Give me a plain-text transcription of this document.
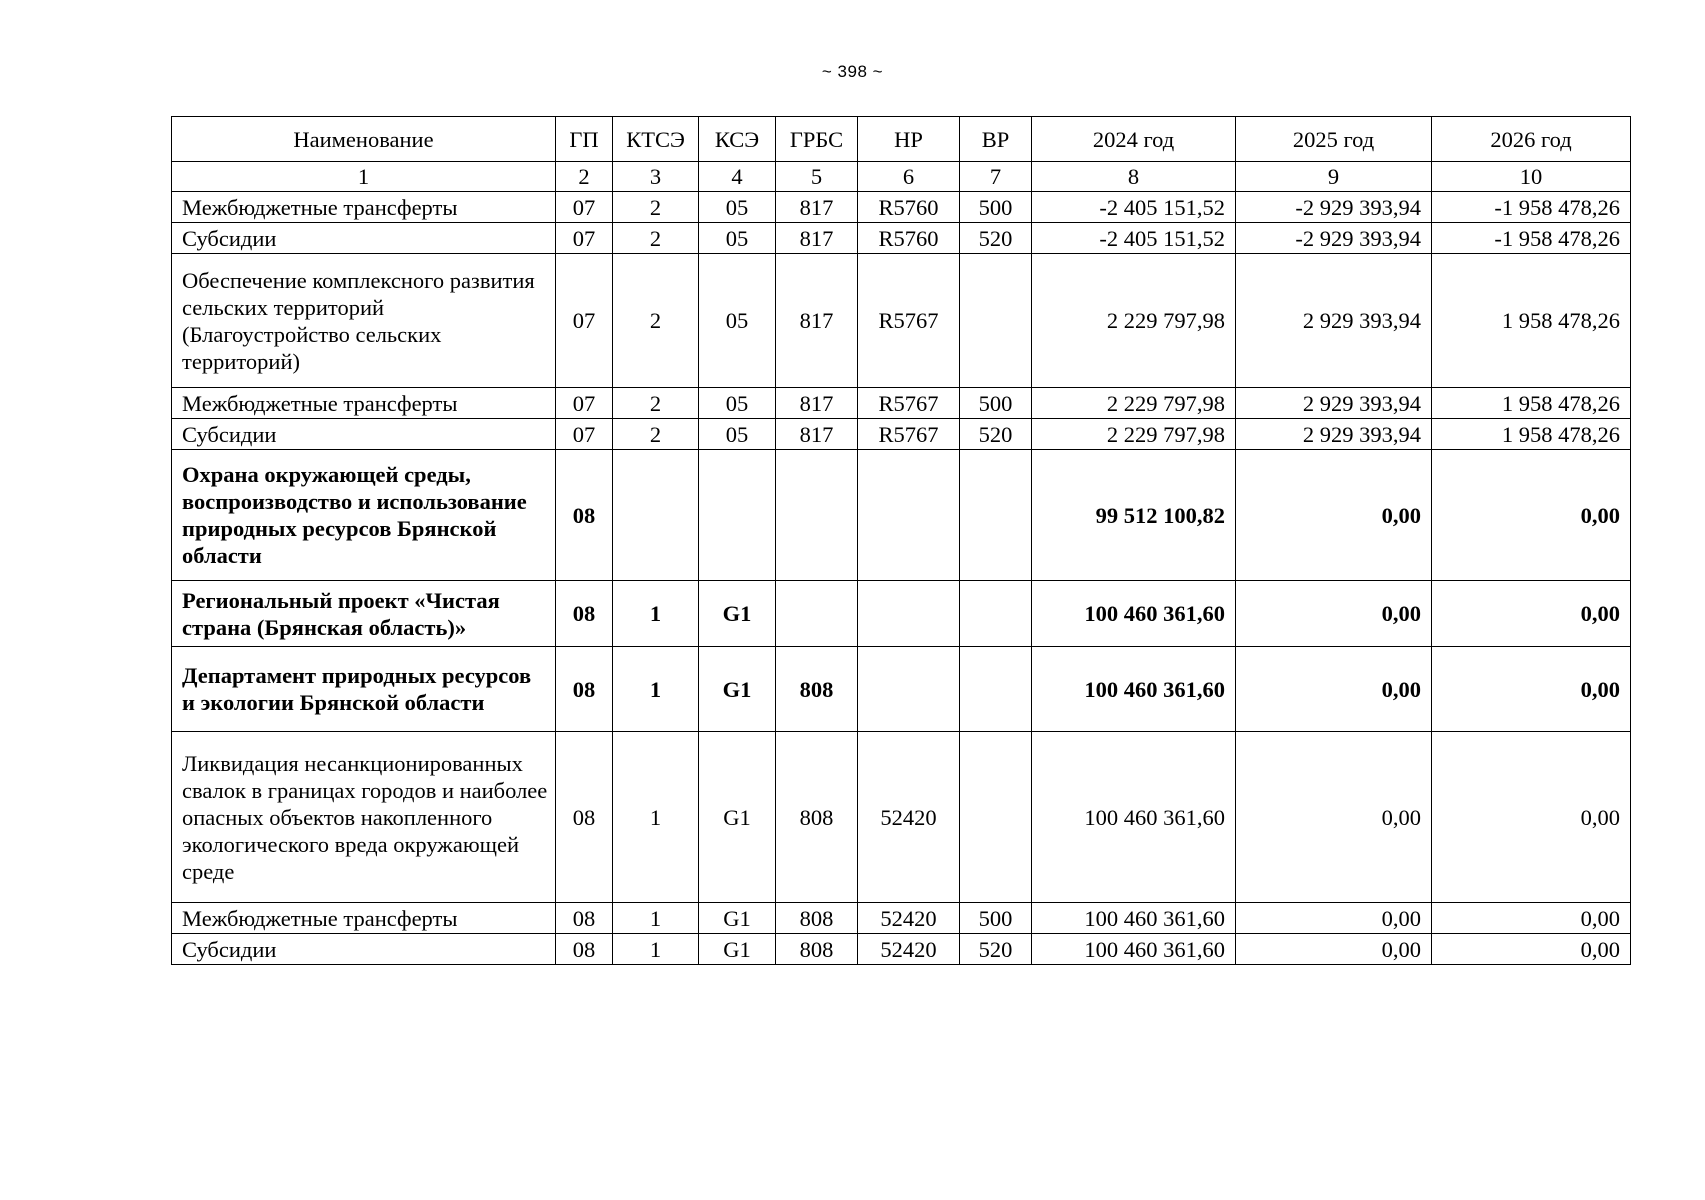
~ 398 ~
Наименование	ГП	КТСЭ	КСЭ	ГРБС	НР	ВР	2024 год	2025 год	2026 год
1	2	3	4	5	6	7	8	9	10
Межбюджетные трансферты	07	2	05	817	R5760	500	-2 405 151,52	-2 929 393,94	-1 958 478,26
Субсидии	07	2	05	817	R5760	520	-2 405 151,52	-2 929 393,94	-1 958 478,26
Обеспечение комплексного развития сельских территорий (Благоустройство сельских территорий)	07	2	05	817	R5767		2 229 797,98	2 929 393,94	1 958 478,26
Межбюджетные трансферты	07	2	05	817	R5767	500	2 229 797,98	2 929 393,94	1 958 478,26
Субсидии	07	2	05	817	R5767	520	2 229 797,98	2 929 393,94	1 958 478,26
Охрана окружающей среды, воспроизводство и использование природных ресурсов Брянской области	08						99 512 100,82	0,00	0,00
Региональный проект «Чистая страна (Брянская область)»	08	1	G1				100 460 361,60	0,00	0,00
Департамент природных ресурсов и экологии Брянской области	08	1	G1	808			100 460 361,60	0,00	0,00
Ликвидация несанкционированных свалок в границах городов и наиболее опасных объектов накопленного экологического вреда окружающей среде	08	1	G1	808	52420		100 460 361,60	0,00	0,00
Межбюджетные трансферты	08	1	G1	808	52420	500	100 460 361,60	0,00	0,00
Субсидии	08	1	G1	808	52420	520	100 460 361,60	0,00	0,00
